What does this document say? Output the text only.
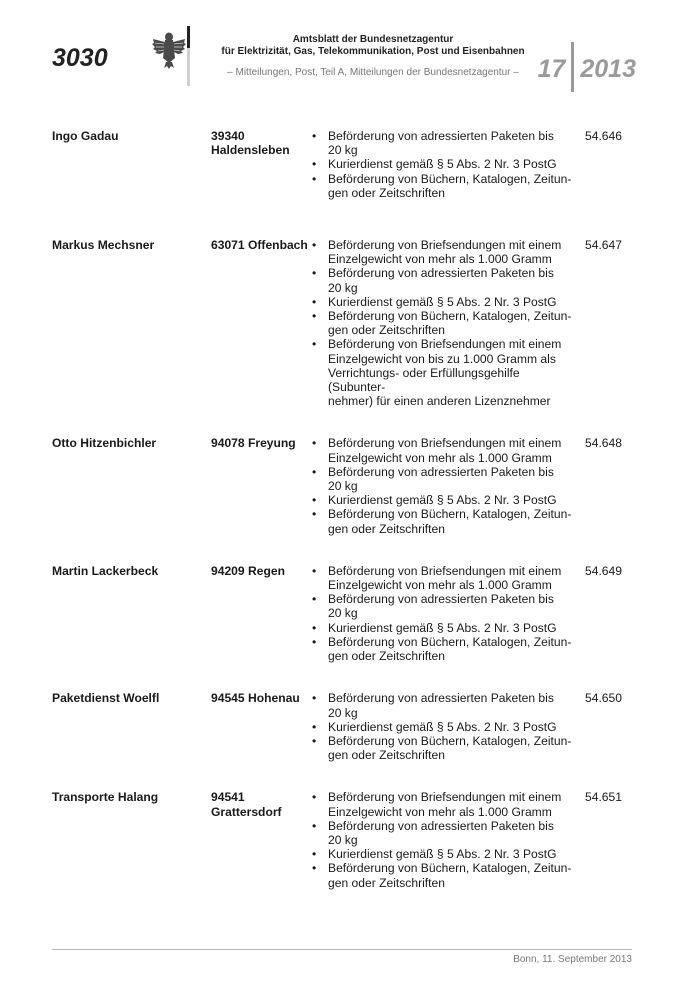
3030
Amtsblatt der Bundesnetzagentur
für Elektrizität, Gas, Telekommunikation, Post und Eisenbahnen
– Mitteilungen, Post, Teil A, Mitteilungen der Bundesnetzagentur – 17 2013
Ingo Gadau	39340
Haldensleben
• Beförderung von adressierten Paketen bis
20 kg
• Kurierdienst gemäß § 5 Abs. 2 Nr. 3 PostG
• Beförderung von Büchern, Katalogen, Zeitun-
gen oder Zeitschriften
54.646
Markus Mechsner	63071 Offenbach • Beförderung von Briefsendungen mit einem
Einzelgewicht von mehr als 1.000 Gramm
• Beförderung von adressierten Paketen bis
20 kg
• Kurierdienst gemäß § 5 Abs. 2 Nr. 3 PostG
• Beförderung von Büchern, Katalogen, Zeitun-
gen oder Zeitschriften
• Beförderung von Briefsendungen mit einem
Einzelgewicht von bis zu 1.000 Gramm als
Verrichtungs- oder Erfüllungsgehilfe (Subunter-
nehmer) für einen anderen Lizenznehmer
54.647
Otto Hitzenbichler	94078 Freyung	• Beförderung von Briefsendungen mit einem
Einzelgewicht von mehr als 1.000 Gramm
• Beförderung von adressierten Paketen bis
20 kg
• Kurierdienst gemäß § 5 Abs. 2 Nr. 3 PostG
• Beförderung von Büchern, Katalogen, Zeitun-
gen oder Zeitschriften
54.648
Martin Lackerbeck	94209 Regen	• Beförderung von Briefsendungen mit einem
Einzelgewicht von mehr als 1.000 Gramm
• Beförderung von adressierten Paketen bis
20 kg
• Kurierdienst gemäß § 5 Abs. 2 Nr. 3 PostG
• Beförderung von Büchern, Katalogen, Zeitun-
gen oder Zeitschriften
54.649
Paketdienst Woelfl	94545 Hohenau	• Beförderung von adressierten Paketen bis
20 kg
• Kurierdienst gemäß § 5 Abs. 2 Nr. 3 PostG
• Beförderung von Büchern, Katalogen, Zeitun-
gen oder Zeitschriften
54.650
Transporte Halang	94541
Grattersdorf
• Beförderung von Briefsendungen mit einem
Einzelgewicht von mehr als 1.000 Gramm
• Beförderung von adressierten Paketen bis
20 kg
• Kurierdienst gemäß § 5 Abs. 2 Nr. 3 PostG
• Beförderung von Büchern, Katalogen, Zeitun-
gen oder Zeitschriften
54.651
Bonn, 11. September 2013
